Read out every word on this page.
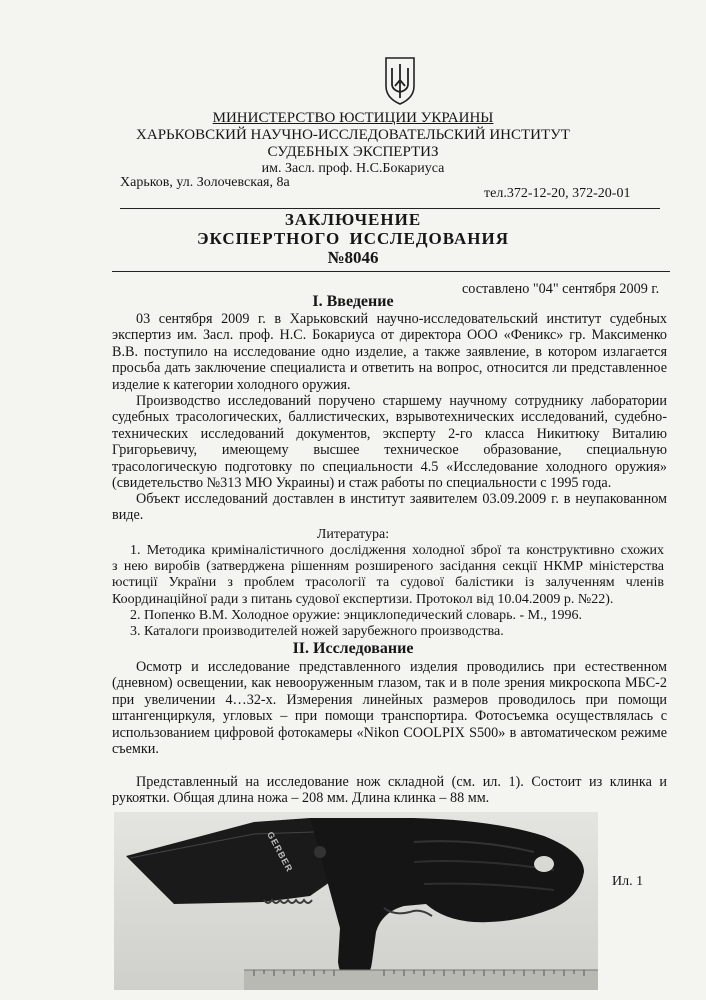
МИНИСТЕРСТВО ЮСТИЦИИ УКРАИНЫ
ХАРЬКОВСКИЙ НАУЧНО-ИССЛЕДОВАТЕЛЬСКИЙ ИНСТИТУТ
СУДЕБНЫХ ЭКСПЕРТИЗ
им. Засл. проф. Н.С.Бокариуса
Харьков, ул. Золочевская, 8а
тел.372-12-20, 372-20-01
ЗАКЛЮЧЕНИЕ
ЭКСПЕРТНОГО ИССЛЕДОВАНИЯ
№8046
составлено "04" сентября 2009 г.
I. Введение
03 сентября 2009 г. в Харьковский научно-исследовательский институт судебных
экспертиз им. Засл. проф. Н.С. Бокариуса от директора ООО «Феникс» гр. Максименко
В.В. поступило на исследование одно изделие, а также заявление, в котором излагается
просьба дать заключение специалиста и ответить на вопрос, относится ли представленное
изделие к категории холодного оружия.
Производство исследований поручено старшему научному сотруднику лаборатории
судебных трасологических, баллистических, взрывотехнических исследований, судебно-
технических исследований документов, эксперту 2-го класса Никитюку Виталию
Григорьевичу, имеющему высшее техническое образование, специальную
трасологическую подготовку по специальности 4.5 «Исследование холодного оружия»
(свидетельство №313 МЮ Украины) и стаж работы по специальности с 1995 года.
Объект исследований доставлен в институт заявителем 03.09.2009 г. в неупакованном
виде.
Литература:
1. Методика криміналістичного дослідження холодної зброї та конструктивно схожих
з нею виробів (затверджена рішенням розширеного засідання секції НКМР міністерства
юстиції України з проблем трасології та судової балістики із залученням членів
Координаційної ради з питань судової експертизи. Протокол від 10.04.2009 р. №22).
2. Попенко В.М. Холодное оружие: энциклопедический словарь. - М., 1996.
3. Каталоги производителей ножей зарубежного производства.
II. Исследование
Осмотр и исследование представленного изделия проводились при естественном
(дневном) освещении, как невооруженным глазом, так и в поле зрения микроскопа МБС-2
при увеличении 4…32-х. Измерения линейных размеров проводилось при помощи
штангенциркуля, угловых – при помощи транспортира. Фотосъемка осуществлялась с
использованием цифровой фотокамеры «Nikon COOLPIX S500» в автоматическом режиме
съемки.
Представленный на исследование нож складной (см. ил. 1). Состоит из клинка и
рукоятки. Общая длина ножа – 208 мм. Длина клинка – 88 мм.
GERBER
Ил. 1
